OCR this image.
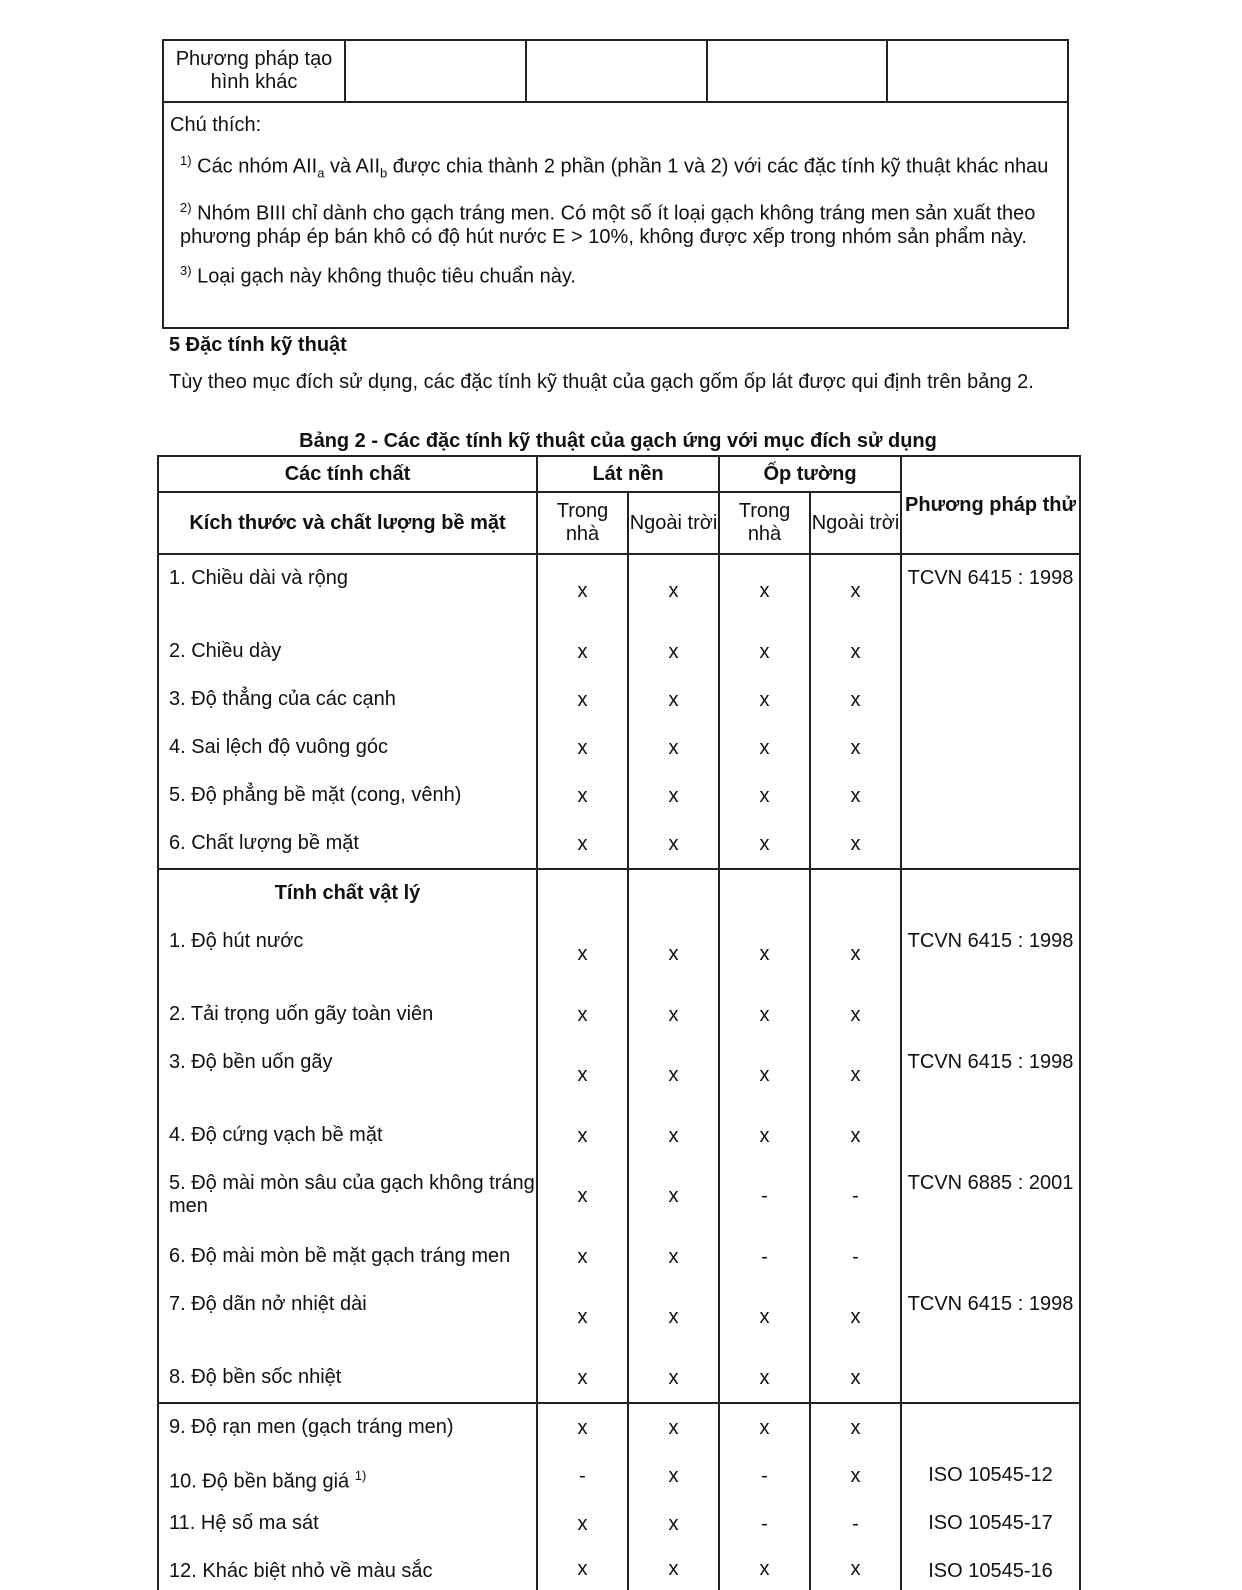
Phương pháp tạo hình khác				

Chú thích:
$^{1)}$ Các nhóm $AII_a$ và $AII_b$ được chia thành 2 phần (phần 1 và 2) với các đặc tính kỹ thuật khác nhau
$^{2)}$ Nhóm BIII chỉ dành cho gạch tráng men. Có một số ít loại gạch không tráng men sản xuất theo phương pháp ép bán khô có độ hút nước E > 10%, không được xếp trong nhóm sản phẩm này.
$^{3)}$ Loại gạch này không thuộc tiêu chuẩn này.
5 Đặc tính kỹ thuật
Tùy theo mục đích sử dụng, các đặc tính kỹ thuật của gạch gốm ốp lát được qui định trên bảng 2.
Bảng 2 - Các đặc tính kỹ thuật của gạch ứng với mục đích sử dụng
Các tính chất	Lát nền		Ốp tường		Phương pháp thử
Kích thước và chất lượng bề mặt	Trong nhà	Ngoài trời	Trong nhà	Ngoài trời	
1. Chiều dài và rộng	x	x	x	x	TCVN 6415 : 1998
2. Chiều dày	x	x	x	x	
3. Độ thẳng của các cạnh	x	x	x	x	
4. Sai lệch độ vuông góc	x	x	x	x	
5. Độ phẳng bề mặt (cong, vênh)	x	x	x	x	
6. Chất lượng bề mặt	x	x	x	x	
Tính chất vật lý					
1. Độ hút nước	x	x	x	x	TCVN 6415 : 1998
2. Tải trọng uốn gãy toàn viên	x	x	x	x	
3. Độ bền uốn gãy	x	x	x	x	TCVN 6415 : 1998
4. Độ cứng vạch bề mặt	x	x	x	x	
5. Độ mài mòn sâu của gạch không tráng men	x	x	-	-	TCVN 6885 : 2001
6. Độ mài mòn bề mặt gạch tráng men	x	x	-	-	
7. Độ dãn nở nhiệt dài	x	x	x	x	TCVN 6415 : 1998
8. Độ bền sốc nhiệt	x	x	x	x	
9. Độ rạn men (gạch tráng men)	x	x	x	x	
10. Độ bền băng giá $^{1)}$	-	x	-	x	ISO 10545-12
11. Hệ số ma sát	x	x	-	-	ISO 10545-17
12. Khác biệt nhỏ về màu sắc	x	x	x	x	ISO 10545-16
